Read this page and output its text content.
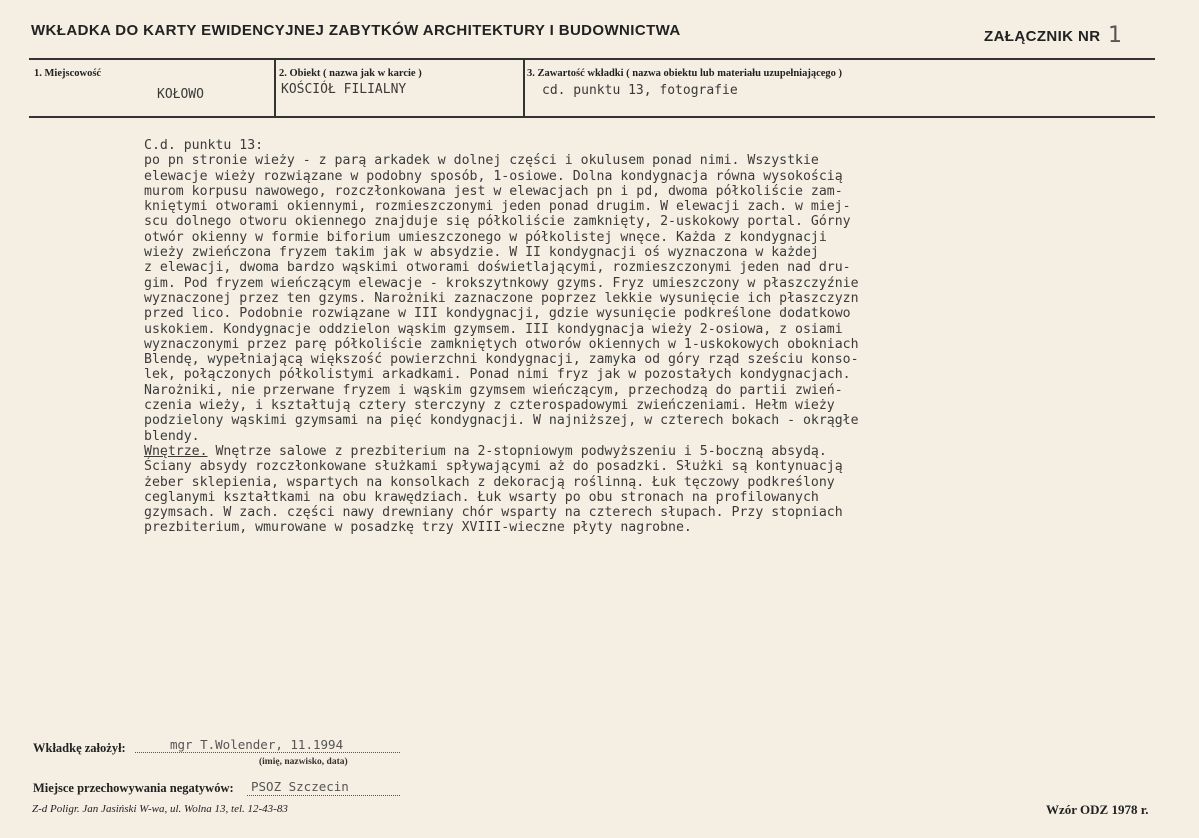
WKŁADKA DO KARTY EWIDENCYJNEJ ZABYTKÓW ARCHITEKTURY I BUDOWNICTWA	ZAŁĄCZNIK NR 1
1. Miejscowość
KOŁOWO
2. Obiekt ( nazwa jak w karcie )
KOŚCIÓŁ FILIALNY
3. Zawartość wkładki ( nazwa obiektu lub materiału uzupełniającego )
cd. punktu 13, fotografie

C.d. punktu 13:

po pn stronie wieży - z parą arkadek w dolnej części i okulusem ponad nimi. Wszystkie

elewacje wieży rozwiązane w podobny sposób, 1-osiowe. Dolna kondygnacja równa wysokością

murom korpusu nawowego, rozczłonkowana jest w elewacjach pn i pd, dwoma półkoliście zam-

kniętymi otworami okiennymi, rozmieszczonymi jeden ponad drugim. W elewacji zach. w miej-

scu dolnego otworu okiennego znajduje się półkoliście zamknięty, 2-uskokowy portal. Górny

otwór okienny w formie biforium umieszczonego w półkolistej wnęce. Każda z kondygnacji

wieży zwieńczona fryzem takim jak w absydzie. W II kondygnacji oś wyznaczona w każdej

z elewacji, dwoma bardzo wąskimi otworami doświetlającymi, rozmieszczonymi jeden nad dru-

gim. Pod fryzem wieńczącym elewacje - krokszytnkowy gzyms. Fryz umieszczony w płaszczyźnie

wyznaczonej przez ten gzyms. Narożniki zaznaczone poprzez lekkie wysunięcie ich płaszczyzn

przed lico. Podobnie rozwiązane w III kondygnacji, gdzie wysunięcie podkreślone dodatkowo

uskokiem. Kondygnacje oddzielon wąskim gzymsem. III kondygnacja wieży 2-osiowa, z osiami

wyznaczonymi przez parę półkoliście zamkniętych otworów okiennych w 1-uskokowych obokniach

Blendę, wypełniającą większość powierzchni kondygnacji, zamyka od góry rząd sześciu konso-

lek, połączonych półkolistymi arkadkami. Ponad nimi fryz jak w pozostałych kondygnacjach.

Narożniki, nie przerwane fryzem i wąskim gzymsem wieńczącym, przechodzą do partii zwień-

czenia wieży, i kształtują cztery sterczyny z czterospadowymi zwieńczeniami. Hełm wieży

podzielony wąskimi gzymsami na pięć kondygnacji. W najniższej, w czterech bokach - okrągłe

blendy.

Wnętrze. Wnętrze salowe z prezbiterium na 2-stopniowym podwyższeniu i 5-boczną absydą.

Ściany absydy rozczłonkowane służkami spływającymi aż do posadzki. Służki są kontynuacją

żeber sklepienia, wspartych na konsolkach z dekoracją roślinną. Łuk tęczowy podkreślony

ceglanymi kształtkami na obu krawędziach. Łuk wsarty po obu stronach na profilowanych

gzymsach. W zach. części nawy drewniany chór wsparty na czterech słupach. Przy stopniach

prezbiterium, wmurowane w posadzkę trzy XVIII-wieczne płyty nagrobne.

Wkładkę założył:	mgr T.Wolender, 11.1994
(imię, nazwisko, data)
Miejsce przechowywania negatywów: PSOZ Szczecin
Z-d Poligr. Jan Jasiński W-wa, ul. Wolna 13, tel. 12-43-83	Wzór ODZ 1978 r.
